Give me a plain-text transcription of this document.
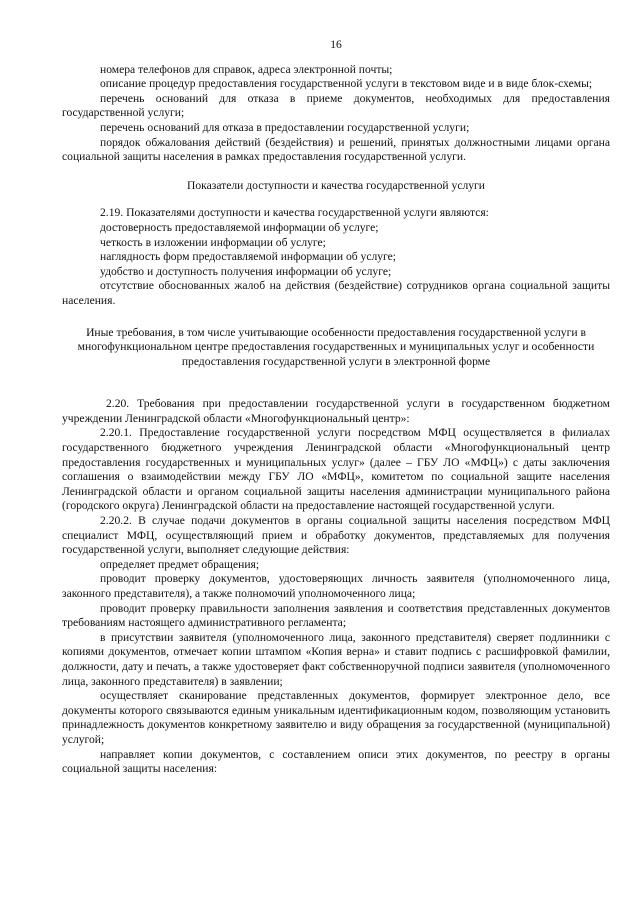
16

номера телефонов для справок, адреса электронной почты;

описание процедур предоставления государственной услуги в текстовом виде и в виде блок-схемы;

перечень оснований для отказа в приеме документов, необходимых для предоставления государственной услуги;

перечень оснований для отказа в предоставлении государственной услуги;

порядок обжалования действий (бездействия) и решений, принятых должностными лицами органа социальной защиты населения в рамках предоставления государственной услуги.

Показатели доступности и качества государственной услуги

2.19. Показателями доступности и качества государственной услуги являются:

достоверность предоставляемой информации об услуге;

четкость в изложении информации об услуге;

наглядность форм предоставляемой информации об услуге;

удобство и доступность получения информации об услуге;

отсутствие обоснованных жалоб на действия (бездействие) сотрудников органа социальной защиты населения.

Иные требования, в том числе учитывающие особенности предоставления государственной услуги в многофункциональном центре предоставления государственных и муниципальных услуг и особенности предоставления государственной услуги в электронной форме

2.20. Требования при предоставлении государственной услуги в государственном бюджетном учреждении Ленинградской области «Многофункциональный центр»:

2.20.1. Предоставление государственной услуги посредством МФЦ осуществляется в филиалах государственного бюджетного учреждения Ленинградской области «Многофункциональный центр предоставления государственных и муниципальных услуг» (далее – ГБУ ЛО «МФЦ») с даты заключения соглашения о взаимодействии между ГБУ ЛО «МФЦ», комитетом по социальной защите населения Ленинградской области и органом социальной защиты населения администрации муниципального района (городского округа) Ленинградской области на предоставление настоящей государственной услуги.

2.20.2. В случае подачи документов в органы социальной защиты населения посредством МФЦ специалист МФЦ, осуществляющий прием и обработку документов, представляемых для получения государственной услуги, выполняет следующие действия:

определяет предмет обращения;

проводит проверку документов, удостоверяющих личность заявителя (уполномоченного лица, законного представителя), а также полномочий уполномоченного лица;

проводит проверку правильности заполнения заявления и соответствия представленных документов требованиям настоящего административного регламента;

в присутствии заявителя (уполномоченного лица, законного представителя) сверяет подлинники с копиями документов, отмечает копии штампом «Копия верна» и ставит подпись с расшифровкой фамилии, должности, дату и печать, а также удостоверяет факт собственноручной подписи заявителя (уполномоченного лица, законного представителя) в заявлении;

осуществляет сканирование представленных документов, формирует электронное дело, все документы которого связываются единым уникальным идентификационным кодом, позволяющим установить принадлежность документов конкретному заявителю и виду обращения за государственной (муниципальной) услугой;

направляет копии документов, с составлением описи этих документов, по реестру в органы социальной защиты населения:
